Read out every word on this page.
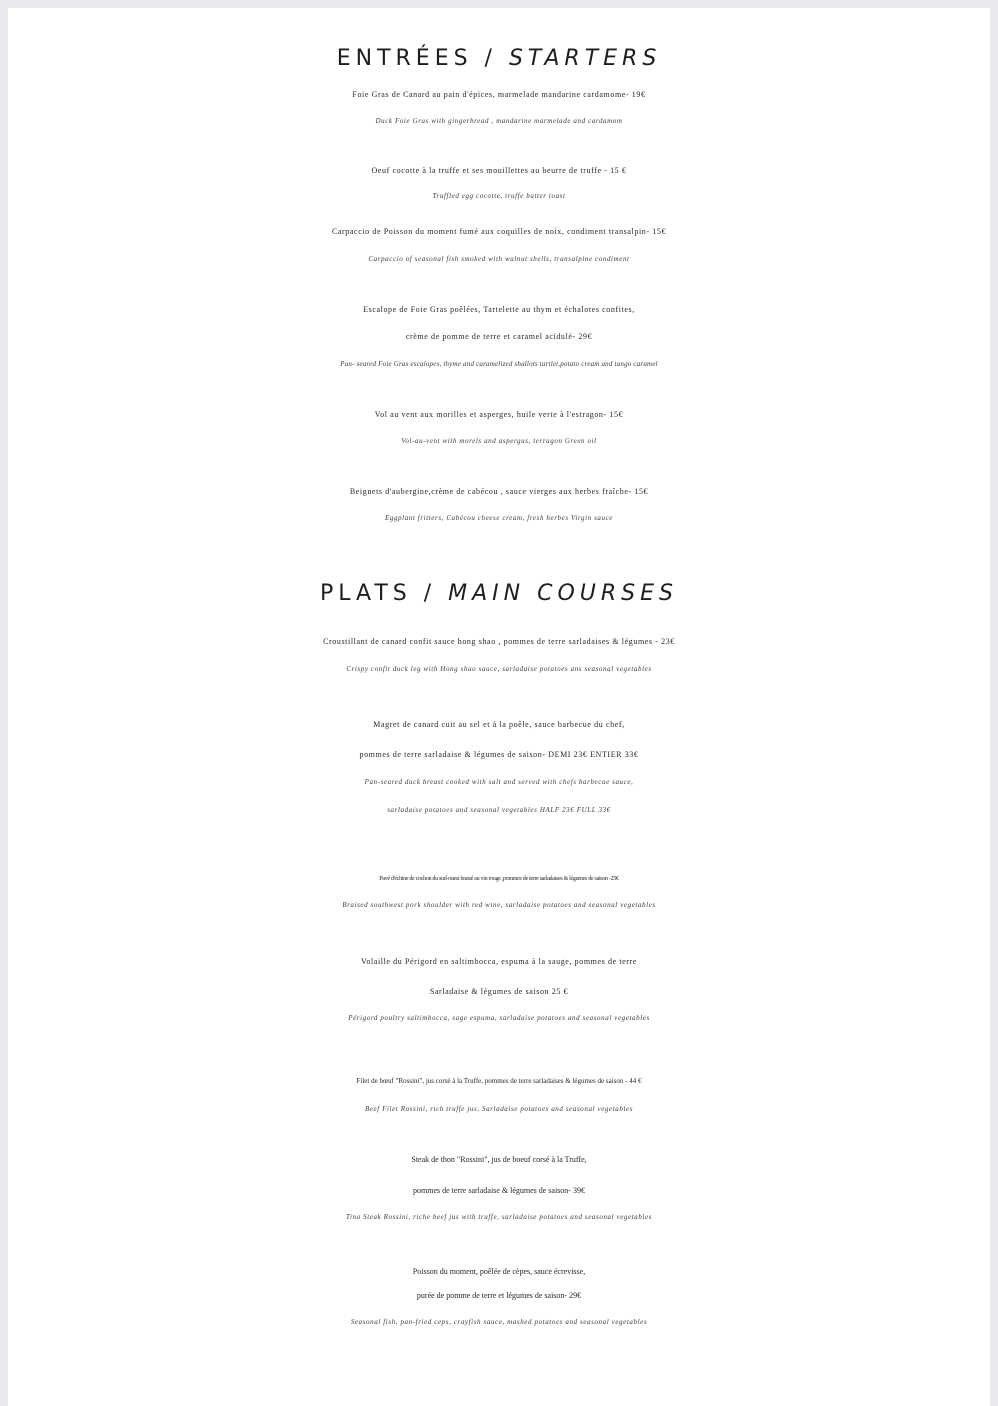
ENTRÉES / STARTERS
Foie Gras de Canard au pain d'épices, marmelade mandarine cardamome- 19€
Duck Foie Gras with gingerbread , mandarine marmelade and cardamom
Oeuf cocotte à la truffe et ses mouillettes au beurre de truffe - 15 €
Truffled egg cocotte, truffe butter toast
Carpaccio de Poisson du moment fumé aux coquilles de noix, condiment transalpin- 15€
Carpaccio of seasonal fish smoked with walnut shells, transalpine condiment
Escalope de Foie Gras poêlées, Tartelette au thym et échalotes confites,
crème de pomme de terre et caramel acidulé- 29€
Pan- seared Foie Gras escalopes, thyme and caramelized shallots tartlet,potato cream and tango caramel
Vol au vent aux morilles et asperges, huile verte à l'estragon- 15€
Vol-au-vent with morels and aspergus, terragon Green oil
Beignets d'aubergine,crème de cabécou , sauce vierges aux herbes fraîche- 15€
Eggplant fritters, Cabécou cheese cream, fresh herbes Virgin sauce
PLATS / MAIN COURSES
Croustillant de canard confit sauce hong shao , pommes de terre sarladaises & légumes - 23€
Crispy confit duck leg with Hong shao sauce, sarladaise potatoes ans seasonal vegetables
Magret de canard cuit au sel et à la poêle, sauce barbecue du chef,
pommes de terre sarladaise & légumes de saison- DEMI 23€ ENTIER 33€
Pan-seared duck breast cooked with salt and served with chefs barbecue sauce,
sarladaise potatoes and seasonal vegetables HALF 23€ FULL 33€
Pavé d'échine de cochon du sud-ouest braisé au vin rouge ,pommes de terre sarladaises & légumes de saison -25€
Braised southwest pork shoulder with red wine, sarladaise potatoes and seasonal vegetables
Volaille du Périgord en saltimbocca, espuma à la sauge, pommes de terre
Sarladaise & légumes de saison 25 €
Périgord poultry saltimbocca, sage espuma, sarladaise potatoes and seasonal vegetables
Filet de bœuf "Rossini", jus corsé à la Truffe, pommes de terre sarladaises & légumes de saison - 44 €
Beef Filet Rossini, rich truffe jus, Sarladaise potatoes and seasonal vegetables
Steak de thon "Rossini", jus de boeuf corsé à la Truffe,
pommes de terre sarladaise & légumes de saison- 39€
Tina Steak Rossini, riche beef jus with truffe, sarladaise potatoes and seasonal vegetables
Poisson du moment, poêlée de cèpes, sauce écrevisse,
purée de pomme de terre et légumes de saison- 29€
Seasonal fish, pan-fried ceps, crayfish sauce, mashed potatoes and seasonal vegetables
